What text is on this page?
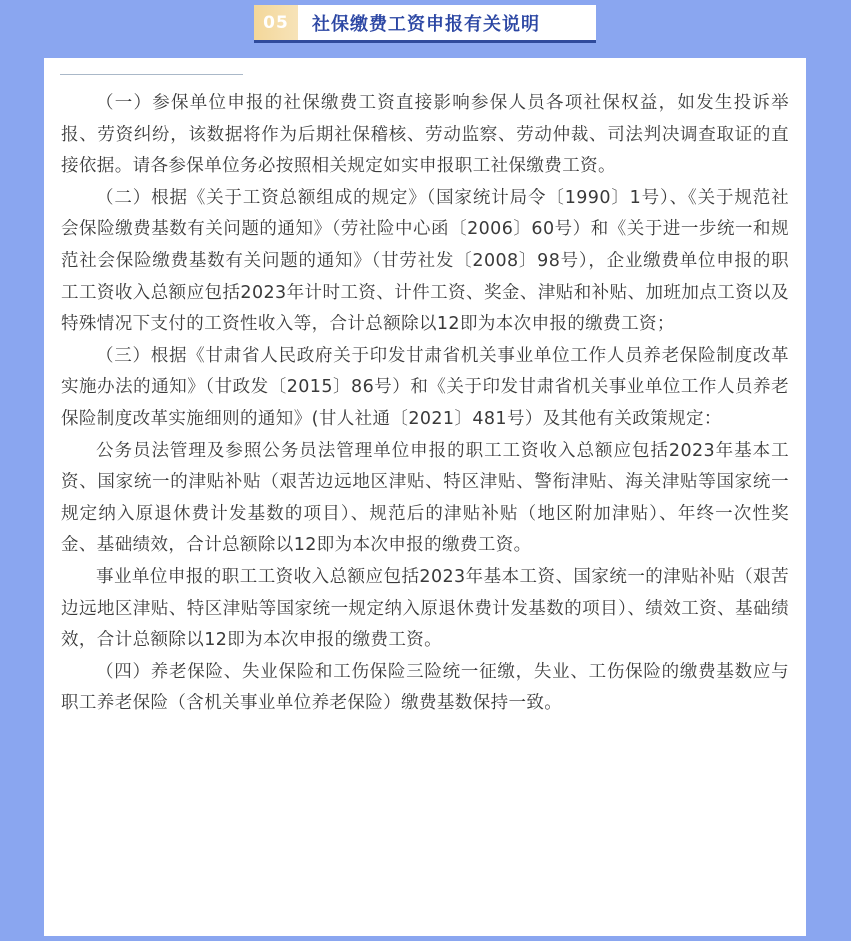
05	社保缴费工资申报有关说明

（一）参保单位申报的社保缴费工资直接影响参保人员各项社保权益，如发生投诉举报、劳资纠纷，该数据将作为后期社保稽核、劳动监察、劳动仲裁、司法判决调查取证的直接依据。请各参保单位务必按照相关规定如实申报职工社保缴费工资。

（二）根据《关于工资总额组成的规定》（国家统计局令〔1990〕1号）、《关于规范社会保险缴费基数有关问题的通知》（劳社险中心函〔2006〕60号）和《关于进一步统一和规范社会保险缴费基数有关问题的通知》（甘劳社发〔2008〕98号），企业缴费单位申报的职工工资收入总额应包括2023年计时工资、计件工资、奖金、津贴和补贴、加班加点工资以及特殊情况下支付的工资性收入等，合计总额除以12即为本次申报的缴费工资；

（三）根据《甘肃省人民政府关于印发甘肃省机关事业单位工作人员养老保险制度改革实施办法的通知》（甘政发〔2015〕86号）和《关于印发甘肃省机关事业单位工作人员养老保险制度改革实施细则的通知》(甘人社通〔2021〕481号）及其他有关政策规定：

公务员法管理及参照公务员法管理单位申报的职工工资收入总额应包括2023年基本工资、国家统一的津贴补贴（艰苦边远地区津贴、特区津贴、警衔津贴、海关津贴等国家统一规定纳入原退休费计发基数的项目）、规范后的津贴补贴（地区附加津贴）、年终一次性奖金、基础绩效，合计总额除以12即为本次申报的缴费工资。

事业单位申报的职工工资收入总额应包括2023年基本工资、国家统一的津贴补贴（艰苦边远地区津贴、特区津贴等国家统一规定纳入原退休费计发基数的项目）、绩效工资、基础绩效，合计总额除以12即为本次申报的缴费工资。

（四）养老保险、失业保险和工伤保险三险统一征缴，失业、工伤保险的缴费基数应与职工养老保险（含机关事业单位养老保险）缴费基数保持一致。
